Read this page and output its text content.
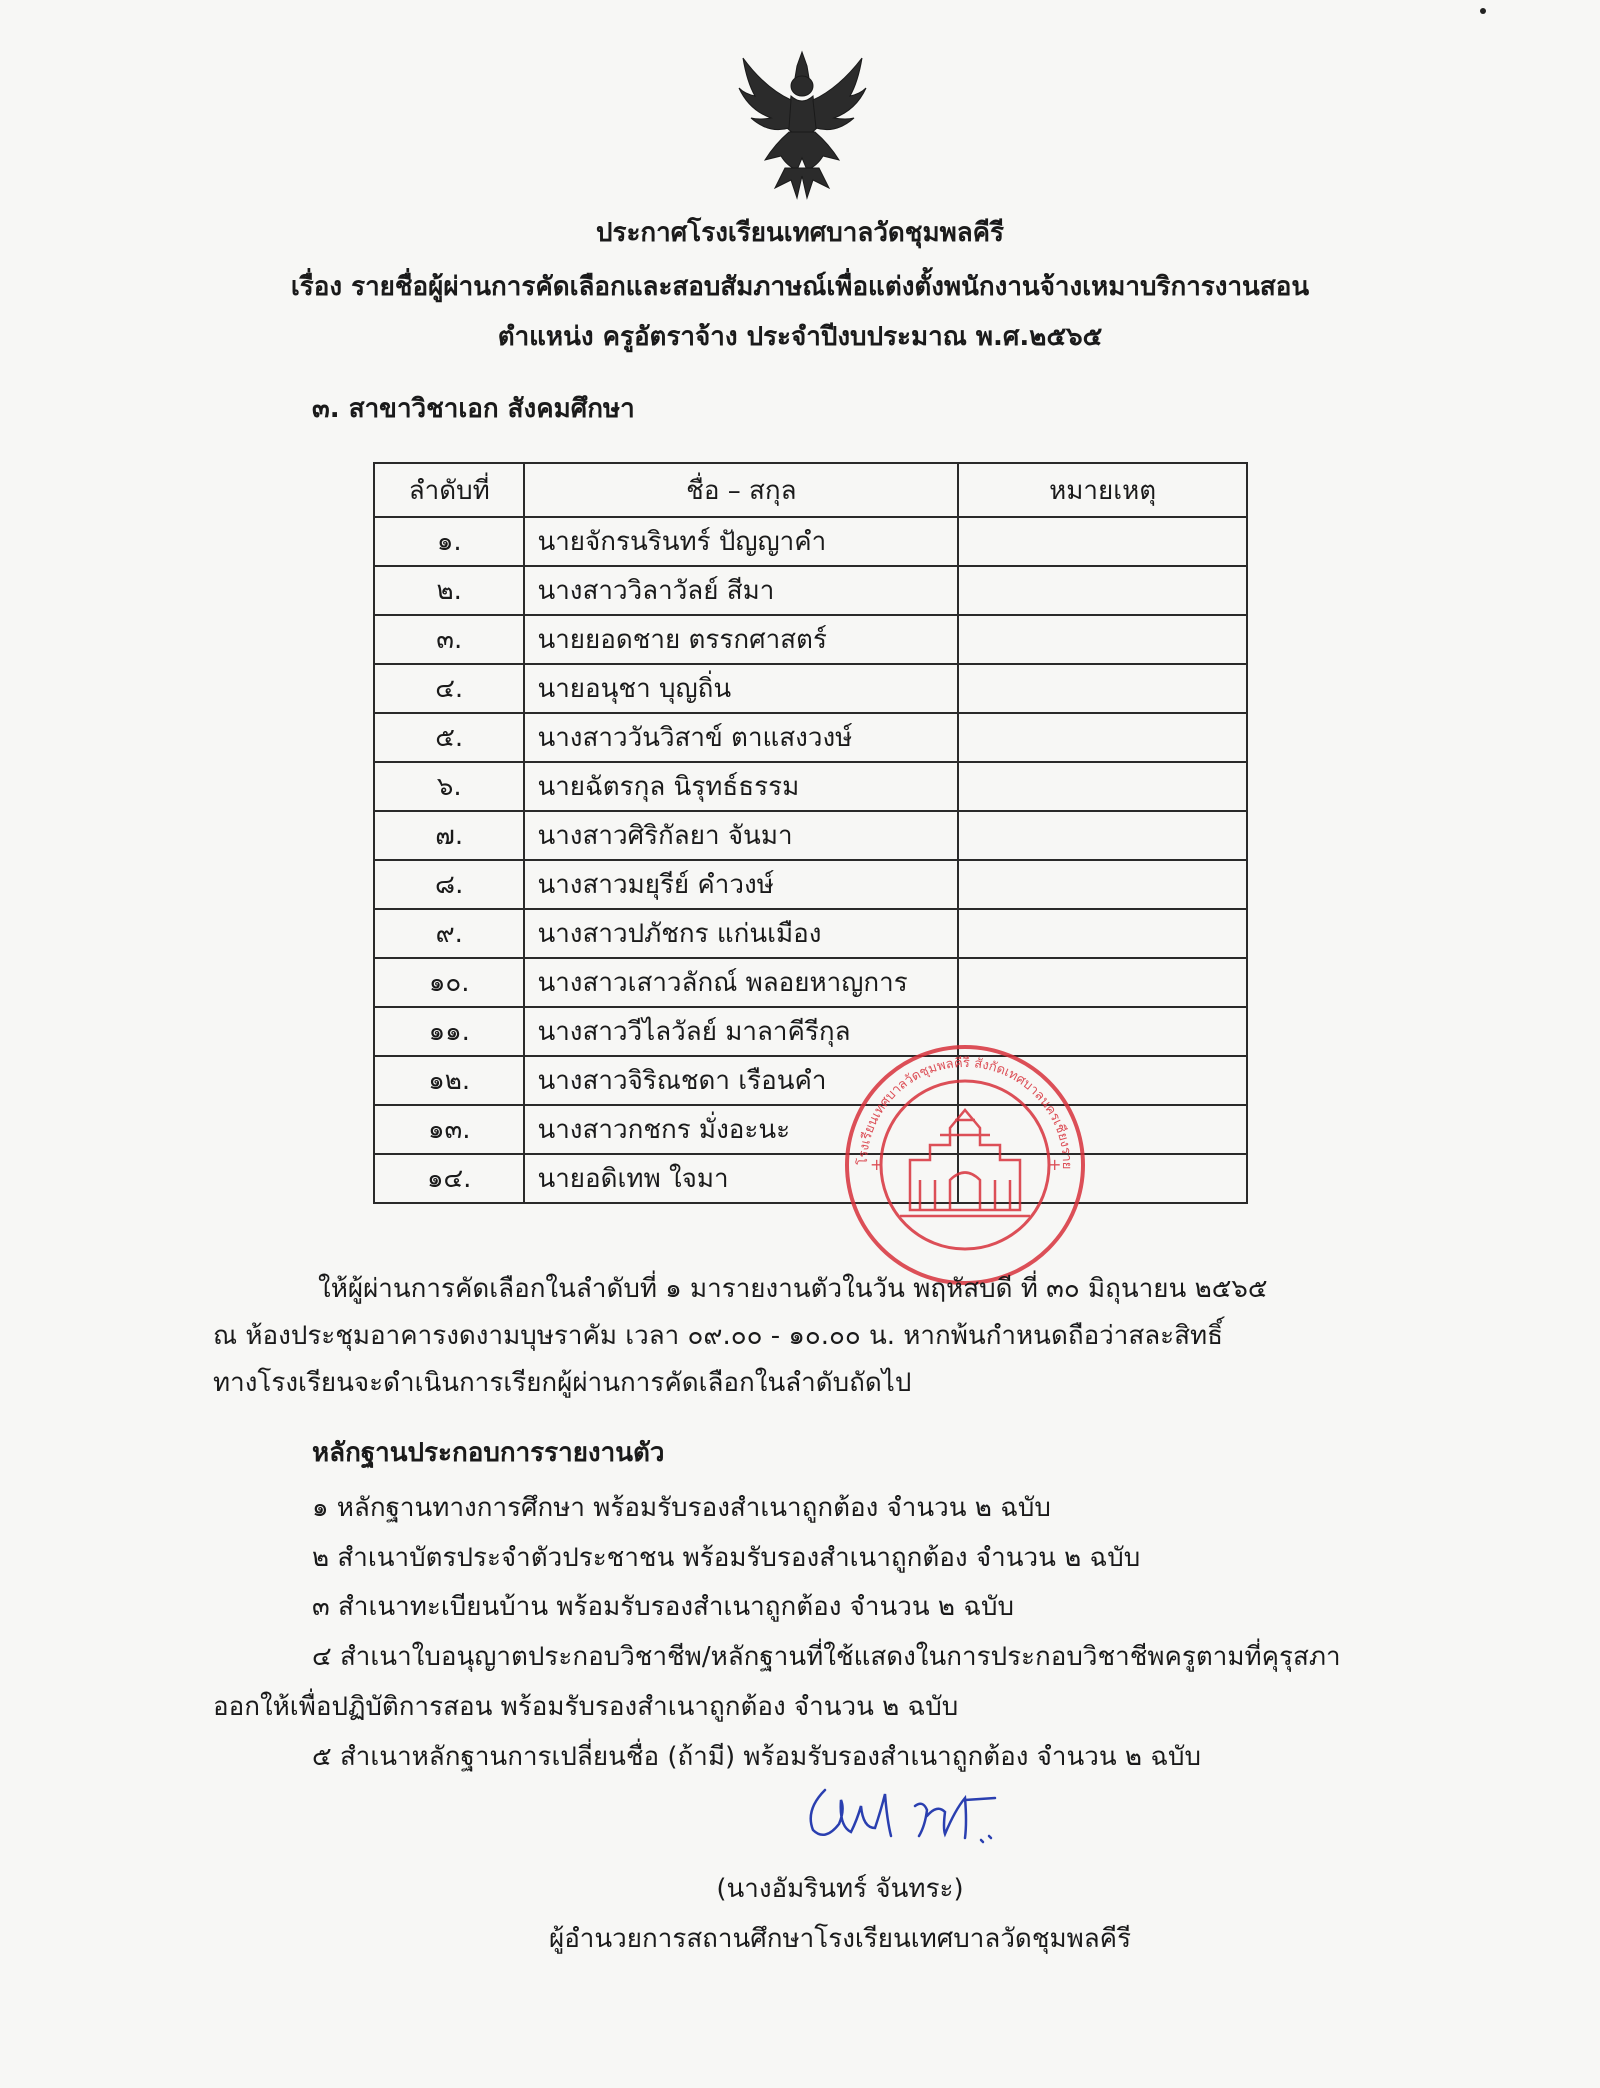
ประกาศโรงเรียนเทศบาลวัดชุมพลคีรี
เรื่อง รายชื่อผู้ผ่านการคัดเลือกและสอบสัมภาษณ์เพื่อแต่งตั้งพนักงานจ้างเหมาบริการงานสอน
ตำแหน่ง ครูอัตราจ้าง ประจำปีงบประมาณ พ.ศ.๒๕๖๕
๓. สาขาวิชาเอก สังคมศึกษา
ลำดับที่	ชื่อ – สกุล	หมายเหตุ
๑.	นายจักรนรินทร์ ปัญญาคำ	
๒.	นางสาววิลาวัลย์ สีมา	
๓.	นายยอดชาย ตรรกศาสตร์	
๔.	นายอนุชา บุญถิ่น	
๕.	นางสาววันวิสาข์ ตาแสงวงษ์	
๖.	นายฉัตรกุล นิรุทธ์ธรรม	
๗.	นางสาวศิริกัลยา จันมา	
๘.	นางสาวมยุรีย์ คำวงษ์	
๙.	นางสาวปภัชกร แก่นเมือง	
๑๐.	นางสาวเสาวลักณ์ พลอยหาญการ	
๑๑.	นางสาววีไลวัลย์ มาลาคีรีกุล	
๑๒.	นางสาวจิริณชดา เรือนคำ	
๑๓.	นางสาวกชกร มั่งอะนะ	
๑๔.	นายอดิเทพ ใจมา	
โรงเรียนเทศบาลวัดชุมพลคีรี สังกัดเทศบาลนครเชียงราย
+	+
ให้ผู้ผ่านการคัดเลือกในลำดับที่ ๑ มารายงานตัวในวัน พฤหัสบดี ที่ ๓๐ มิถุนายน ๒๕๖๕
ณ ห้องประชุมอาคารงดงามบุษราคัม เวลา ๐๙.๐๐ - ๑๐.๐๐ น. หากพ้นกำหนดถือว่าสละสิทธิ์
ทางโรงเรียนจะดำเนินการเรียกผู้ผ่านการคัดเลือกในลำดับถัดไป
หลักฐานประกอบการรายงานตัว
๑ หลักฐานทางการศึกษา พร้อมรับรองสำเนาถูกต้อง จำนวน ๒ ฉบับ
๒ สำเนาบัตรประจำตัวประชาชน พร้อมรับรองสำเนาถูกต้อง จำนวน ๒ ฉบับ
๓ สำเนาทะเบียนบ้าน พร้อมรับรองสำเนาถูกต้อง จำนวน ๒ ฉบับ
๔ สำเนาใบอนุญาตประกอบวิชาชีพ/หลักฐานที่ใช้แสดงในการประกอบวิชาชีพครูตามที่คุรุสภา
ออกให้เพื่อปฏิบัติการสอน พร้อมรับรองสำเนาถูกต้อง จำนวน ๒ ฉบับ
๕ สำเนาหลักฐานการเปลี่ยนชื่อ (ถ้ามี) พร้อมรับรองสำเนาถูกต้อง จำนวน ๒ ฉบับ
(นางอัมรินทร์ จันทระ)
ผู้อำนวยการสถานศึกษาโรงเรียนเทศบาลวัดชุมพลคีรี
